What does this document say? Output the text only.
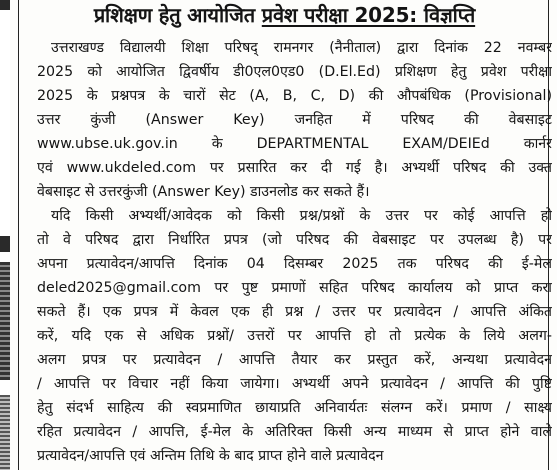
प्रशिक्षण हेतु आयोजित प्रवेश परीक्षा 2025: विज्ञप्ति
उत्तराखण्ड विद्यालयी शिक्षा परिषद् रामनगर (नैनीताल) द्वारा दिनांक 22 नवम्बर
2025 को आयोजित द्विवर्षीय डी0एल0एड0 (D.El.Ed) प्रशिक्षण हेतु प्रवेश परीक्षा
2025 के प्रश्नपत्र के चारों सेट (A, B, C, D) की औपबंधिक (Provisional)
उत्तर कुंजी (Answer Key) जनहित में परिषद की वेबसाइट
www.ubse.uk.gov.in के DEPARTMENTAL EXAM/DEIEd कार्नर
एवं www.ukdeled.com पर प्रसारित कर दी गई है। अभ्यर्थी परिषद की उक्त
वेबसाइट से उत्तरकुंजी (Answer Key) डाउनलोड कर सकते हैं।
यदि किसी अभ्यर्थी/आवेदक को किसी प्रश्न/प्रश्नों के उत्तर पर कोई आपत्ति हो
तो वे परिषद द्वारा निर्धारित प्रपत्र (जो परिषद की वेबसाइट पर उपलब्ध है) पर
अपना प्रत्यावेदन/आपत्ति दिनांक 04 दिसम्बर 2025 तक परिषद की ई-मेल
deled2025@gmail.com पर पुष्ट प्रमाणों सहित परिषद कार्यालय को प्राप्त करा
सकते हैं। एक प्रपत्र में केवल एक ही प्रश्न / उत्तर पर प्रत्यावेदन / आपत्ति अंकित
करें, यदि एक से अधिक प्रश्नों/ उत्तरों पर आपत्ति हो तो प्रत्येक के लिये अलग-
अलग प्रपत्र पर प्रत्यावेदन / आपत्ति तैयार कर प्रस्तुत करें, अन्यथा प्रत्यावेदन
/ आपत्ति पर विचार नहीं किया जायेगा। अभ्यर्थी अपने प्रत्यावेदन / आपत्ति की पुष्टि
हेतु संदर्भ साहित्य की स्वप्रमाणित छायाप्रति अनिवार्यतः संलग्न करें। प्रमाण / साक्ष्य
रहित प्रत्यावेदन / आपत्ति, ई-मेल के अतिरिक्त किसी अन्य माध्यम से प्राप्त होने वाले
प्रत्यावेदन/आपत्ति एवं अन्तिम तिथि के बाद प्राप्त होने वाले प्रत्यावेदन
